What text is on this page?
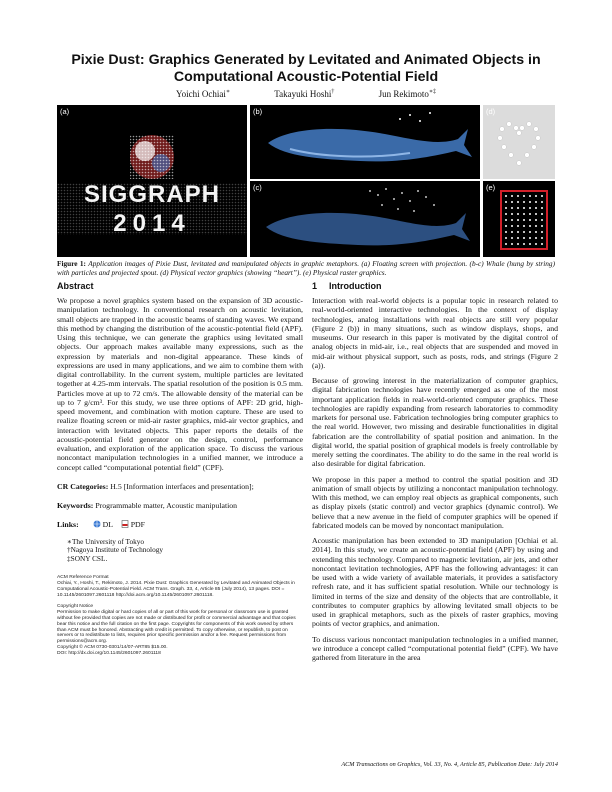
Pixie Dust: Graphics Generated by Levitated and Animated Objects in
Computational Acoustic-Potential Field
Yoichi Ochiai∗	Takayuki Hoshi†	Jun Rekimoto∗‡
SIGGRAPH
2014
(a)	(b)
(c)
(d)
(e)
Figure 1: Application images of Pixie Dust, levitated and manipulated objects in graphic metaphors. (a) Floating screen with projection. (b-c) Whale (hung by string) with particles and projected spout. (d) Physical vector graphics (showing “heart”). (e) Physical raster graphics.
Abstract

We propose a novel graphics system based on the expansion of 3D acoustic-manipulation technology. In conventional research on acoustic levitation, small objects are trapped in the acoustic beams of standing waves. We expand this method by changing the distribution of the acoustic-potential field (APF). Using this technique, we can generate the graphics using levitated small objects. Our approach makes available many expressions, such as the expression by materials and non-digital appearance. These kinds of expressions are used in many applications, and we aim to combine them with digital controllability. In the current system, multiple particles are levitated together at 4.25-mm intervals. The spatial resolution of the position is 0.5 mm. Particles move at up to 72 cm/s. The allowable density of the material can be up to 7 g/cm³. For this study, we use three options of APF: 2D grid, high-speed movement, and combination with motion capture. These are used to realize floating screen or mid-air raster graphics, mid-air vector graphics, and interaction with levitated objects. This paper reports the details of the acoustic-potential field generator on the design, control, performance evaluation, and exploration of the application space. To discuss the various noncontact manipulation technologies in a unified manner, we introduce a concept called “computational potential field” (CPF).

CR Categories: H.5 [Information interfaces and presentation];

Keywords: Programmable matter, Acoustic manipulation

Links:	DL PDF

∗The University of Tokyo
†Nagoya Institute of Technology
‡SONY CSL.

ACM Reference Format
Ochiai, Y., Hoshi, T., Rekimoto, J. 2014. Pixie Dust: Graphics Generated by Levitated and Animated Objects in Computational Acoustic-Potential Field. ACM Trans. Graph. 33, 4, Article 85 (July 2014), 13 pages. DOI = 10.1145/2601097.2601118 http://doi.acm.org/10.1145/2601097.2601118.
Copyright Notice
Permission to make digital or hard copies of all or part of this work for personal or classroom use is granted without fee provided that copies are not made or distributed for profit or commercial advantage and that copies bear this notice and the full citation on the first page. Copyrights for components of this work owned by others than ACM must be honored. Abstracting with credit is permitted. To copy otherwise, or republish, to post on servers or to redistribute to lists, requires prior specific permission and/or a fee. Request permissions from permissions@acm.org.
Copyright © ACM 0730-0301/14/07-ART85 $15.00.
DOI: http://dx.doi.org/10.1145/2601097.2601118

1 Introduction

Interaction with real-world objects is a popular topic in research related to real-world-oriented interactive technologies. In the context of display technologies, analog installations with real objects are still very popular (Figure 2 (b)) in many situations, such as window displays, shops, and museums. Our research in this paper is motivated by the digital control of analog objects in mid-air, i.e., real objects that are suspended and moved in mid-air without physical support, such as posts, rods, and strings (Figure 2 (a)).

Because of growing interest in the materialization of computer graphics, digital fabrication technologies have recently emerged as one of the most important application fields in real-world-oriented computer graphics. These technologies are rapidly expanding from research laboratories to commodity markets for personal use. Fabrication technologies bring computer graphics to the real world. However, two missing and desirable functionalities in digital fabrication are the controllability of spatial position and animation. In the digital world, the spatial position of graphical models is freely controllable by merely setting the coordinates. The ability to do the same in the real world is also desirable for digital fabrication.

We propose in this paper a method to control the spatial position and 3D animation of small objects by utilizing a noncontact manipulation technology. With this method, we can employ real objects as graphical components, such as display pixels (static control) and vector graphics (dynamic control). We believe that a new avenue in the field of computer graphics will be opened if fabricated models can be moved by noncontact manipulation.

Acoustic manipulation has been extended to 3D manipulation [Ochiai et al. 2014]. In this study, we create an acoustic-potential field (APF) by using and extending this technology. Compared to magnetic levitation, air jets, and other noncontact levitation technologies, APF has the following advantages: it can be used with a wide variety of available materials, it provides a satisfactory refresh rate, and it has sufficient spatial resolution. While our technology is limited in terms of the size and density of the objects that are controllable, it contributes to computer graphics by allowing levitated small objects to be used in graphical metaphors, such as the pixels of raster graphics, moving points of vector graphics, and animation.

To discuss various noncontact manipulation technologies in a unified manner, we introduce a concept called “computational potential field” (CPF). We have gathered from literature in the area

ACM Transactions on Graphics, Vol. 33, No. 4, Article 85, Publication Date: July 2014
